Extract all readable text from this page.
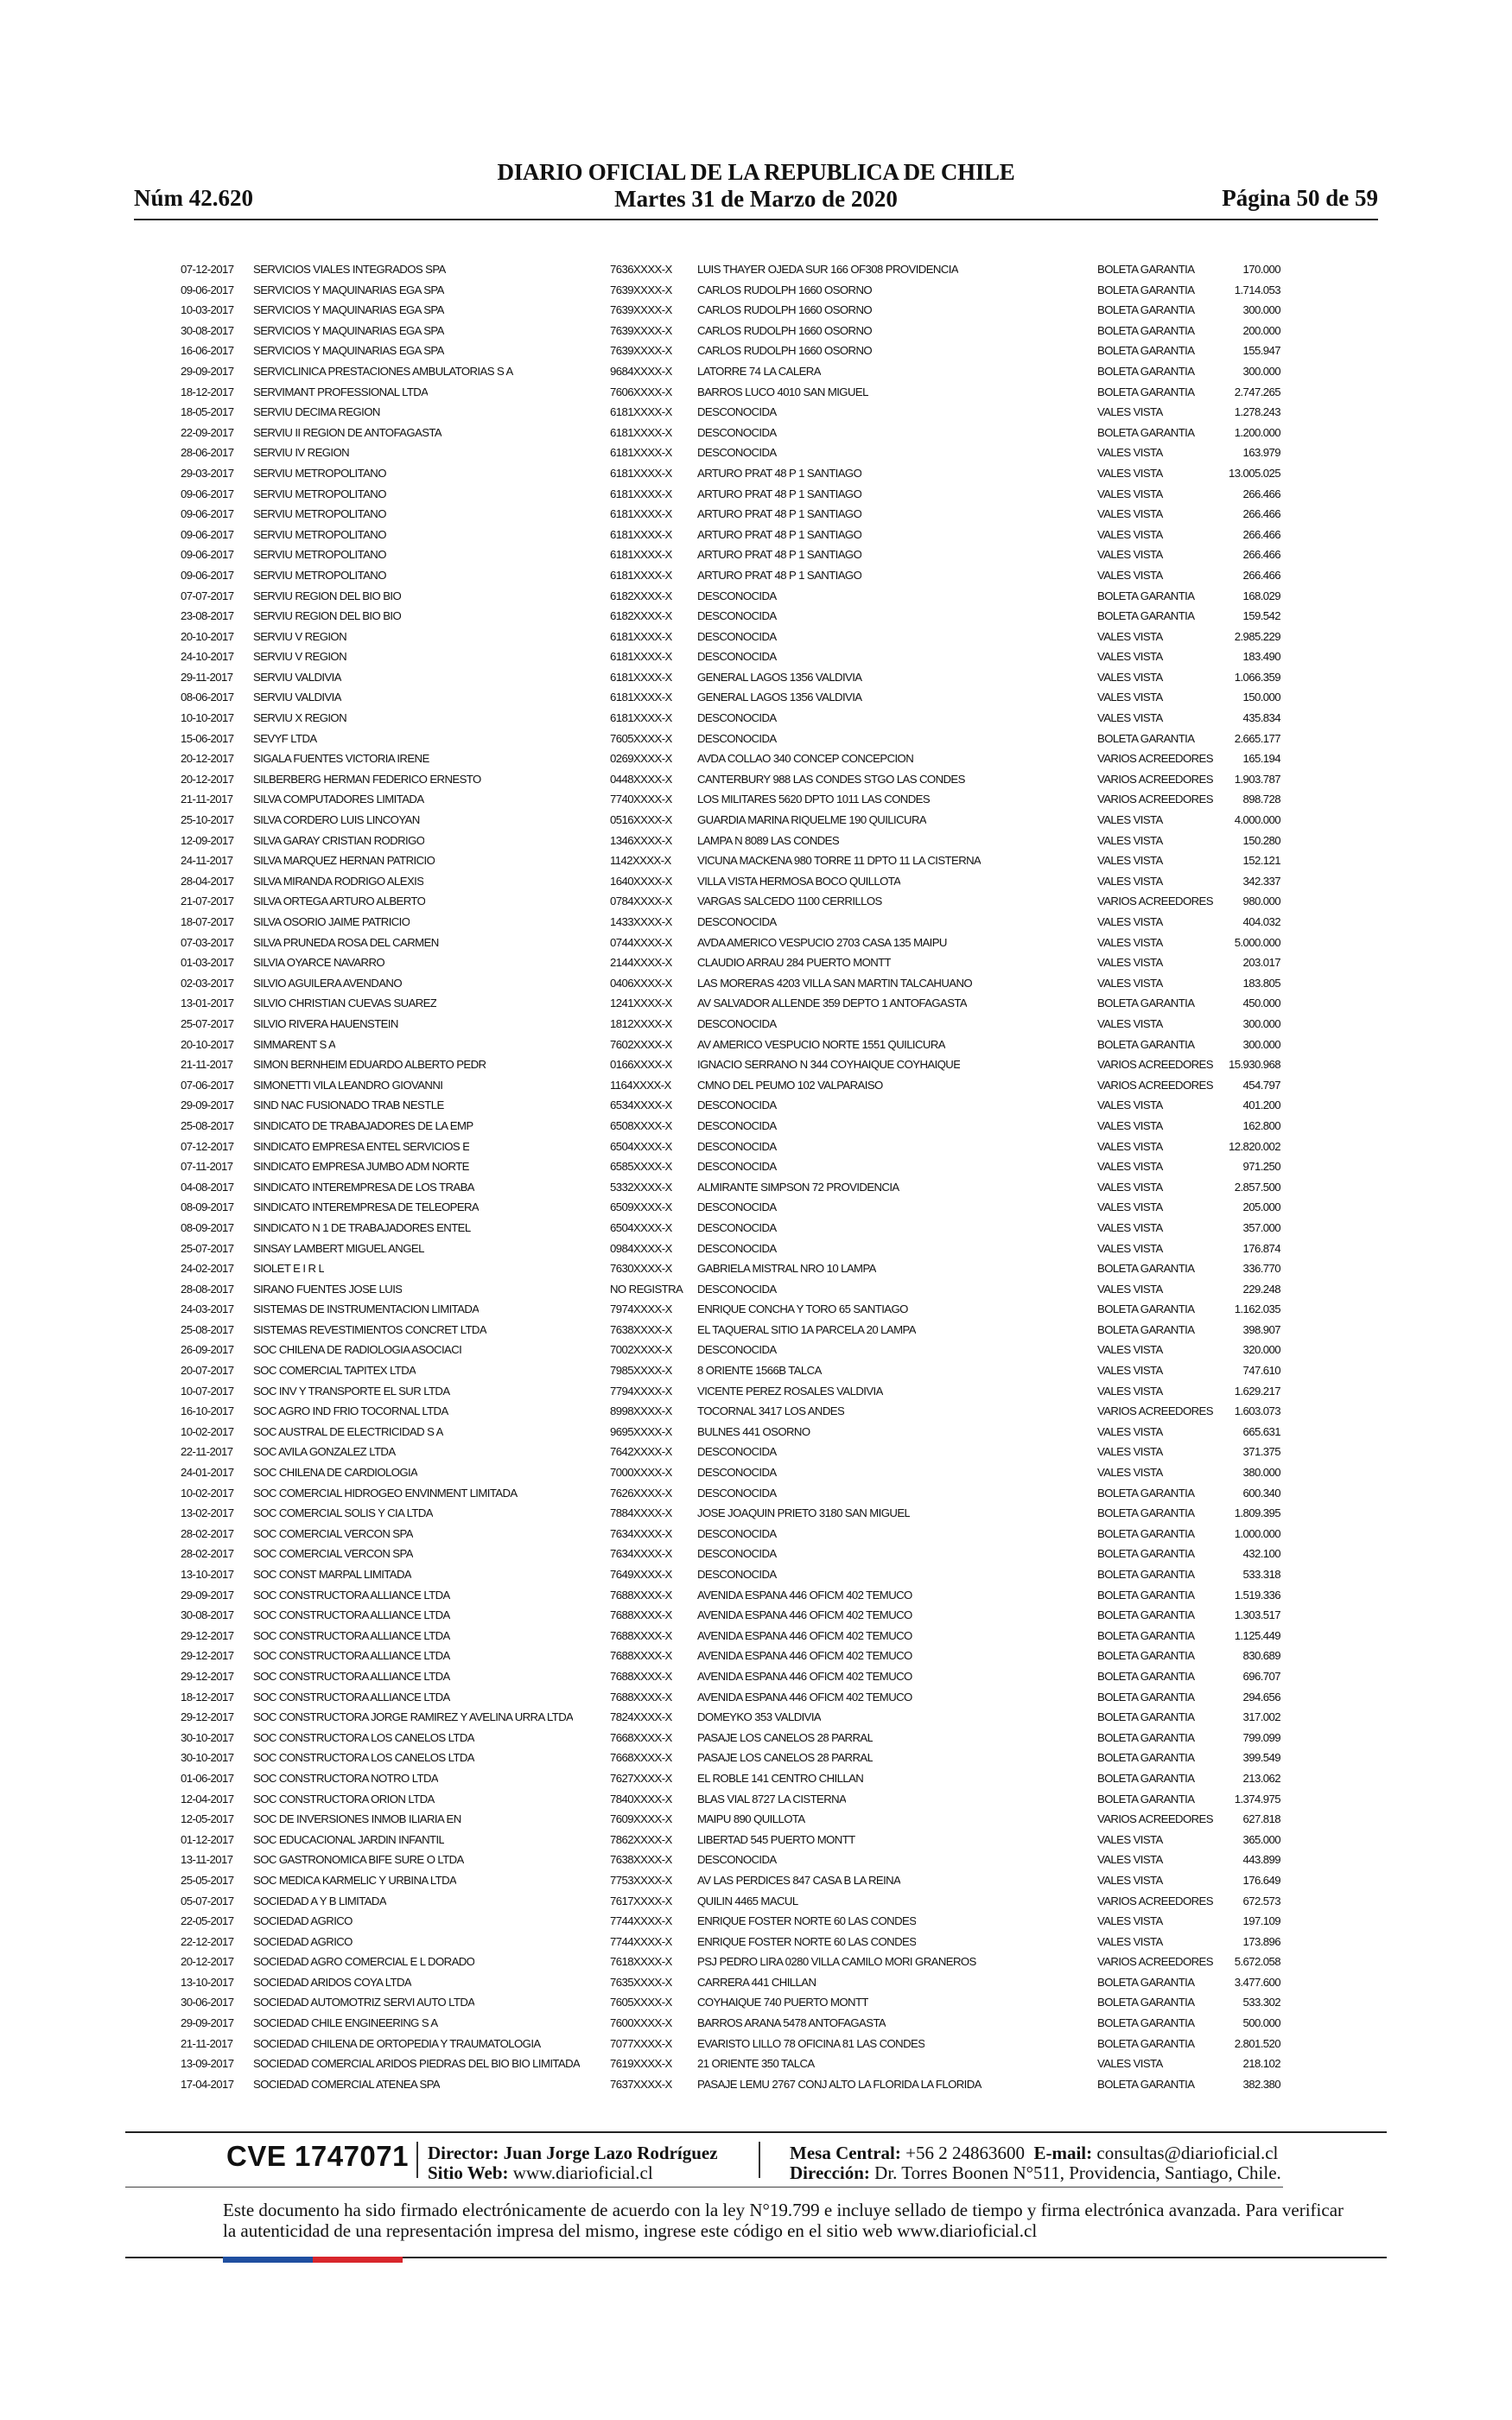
DIARIO OFICIAL DE LA REPUBLICA DE CHILE
Núm 42.620	Martes 31 de Marzo de 2020	Página 50 de 59
07-12-2017 SERVICIOS VIALES INTEGRADOS SPA	7636XXXX-X LUIS THAYER OJEDA SUR 166 OF308 PROVIDENCIA	BOLETA GARANTIA	170.000
09-06-2017 SERVICIOS Y MAQUINARIAS EGA SPA	7639XXXX-X CARLOS RUDOLPH 1660 OSORNO	BOLETA GARANTIA	1.714.053
10-03-2017 SERVICIOS Y MAQUINARIAS EGA SPA	7639XXXX-X CARLOS RUDOLPH 1660 OSORNO	BOLETA GARANTIA	300.000
30-08-2017 SERVICIOS Y MAQUINARIAS EGA SPA	7639XXXX-X CARLOS RUDOLPH 1660 OSORNO	BOLETA GARANTIA	200.000
16-06-2017 SERVICIOS Y MAQUINARIAS EGA SPA	7639XXXX-X CARLOS RUDOLPH 1660 OSORNO	BOLETA GARANTIA	155.947
29-09-2017 SERVICLINICA PRESTACIONES AMBULATORIAS S A	9684XXXX-X LATORRE 74 LA CALERA	BOLETA GARANTIA	300.000
18-12-2017 SERVIMANT PROFESSIONAL LTDA	7606XXXX-X BARROS LUCO 4010 SAN MIGUEL	BOLETA GARANTIA	2.747.265
18-05-2017 SERVIU DECIMA REGION	6181XXXX-X DESCONOCIDA	VALES VISTA	1.278.243
22-09-2017 SERVIU II REGION DE ANTOFAGASTA	6181XXXX-X DESCONOCIDA	BOLETA GARANTIA	1.200.000
28-06-2017 SERVIU IV REGION	6181XXXX-X DESCONOCIDA	VALES VISTA	163.979
29-03-2017 SERVIU METROPOLITANO	6181XXXX-X ARTURO PRAT 48 P 1 SANTIAGO	VALES VISTA	13.005.025
09-06-2017 SERVIU METROPOLITANO	6181XXXX-X ARTURO PRAT 48 P 1 SANTIAGO	VALES VISTA	266.466
09-06-2017 SERVIU METROPOLITANO	6181XXXX-X ARTURO PRAT 48 P 1 SANTIAGO	VALES VISTA	266.466
09-06-2017 SERVIU METROPOLITANO	6181XXXX-X ARTURO PRAT 48 P 1 SANTIAGO	VALES VISTA	266.466
09-06-2017 SERVIU METROPOLITANO	6181XXXX-X ARTURO PRAT 48 P 1 SANTIAGO	VALES VISTA	266.466
09-06-2017 SERVIU METROPOLITANO	6181XXXX-X ARTURO PRAT 48 P 1 SANTIAGO	VALES VISTA	266.466
07-07-2017 SERVIU REGION DEL BIO BIO	6182XXXX-X DESCONOCIDA	BOLETA GARANTIA	168.029
23-08-2017 SERVIU REGION DEL BIO BIO	6182XXXX-X DESCONOCIDA	BOLETA GARANTIA	159.542
20-10-2017 SERVIU V REGION	6181XXXX-X DESCONOCIDA	VALES VISTA	2.985.229
24-10-2017 SERVIU V REGION	6181XXXX-X DESCONOCIDA	VALES VISTA	183.490
29-11-2017 SERVIU VALDIVIA	6181XXXX-X GENERAL LAGOS 1356 VALDIVIA	VALES VISTA	1.066.359
08-06-2017 SERVIU VALDIVIA	6181XXXX-X GENERAL LAGOS 1356 VALDIVIA	VALES VISTA	150.000
10-10-2017 SERVIU X REGION	6181XXXX-X DESCONOCIDA	VALES VISTA	435.834
15-06-2017 SEVYF LTDA	7605XXXX-X DESCONOCIDA	BOLETA GARANTIA	2.665.177
20-12-2017 SIGALA FUENTES VICTORIA IRENE	0269XXXX-X AVDA COLLAO 340 CONCEP CONCEPCION	VARIOS ACREEDORES	165.194
20-12-2017 SILBERBERG HERMAN FEDERICO ERNESTO	0448XXXX-X CANTERBURY 988 LAS CONDES STGO LAS CONDES	VARIOS ACREEDORES 1.903.787
21-11-2017 SILVA COMPUTADORES LIMITADA	7740XXXX-X LOS MILITARES 5620 DPTO 1011 LAS CONDES	VARIOS ACREEDORES	898.728
25-10-2017 SILVA CORDERO LUIS LINCOYAN	0516XXXX-X GUARDIA MARINA RIQUELME 190 QUILICURA	VALES VISTA	4.000.000
12-09-2017 SILVA GARAY CRISTIAN RODRIGO	1346XXXX-X LAMPA N 8089 LAS CONDES	VALES VISTA	150.280
24-11-2017 SILVA MARQUEZ HERNAN PATRICIO	1142XXXX-X VICUNA MACKENA 980 TORRE 11 DPTO 11 LA CISTERNA	VALES VISTA	152.121
28-04-2017 SILVA MIRANDA RODRIGO ALEXIS	1640XXXX-X VILLA VISTA HERMOSA BOCO QUILLOTA	VALES VISTA	342.337
21-07-2017 SILVA ORTEGA ARTURO ALBERTO	0784XXXX-X VARGAS SALCEDO 1100 CERRILLOS	VARIOS ACREEDORES	980.000
18-07-2017 SILVA OSORIO JAIME PATRICIO	1433XXXX-X DESCONOCIDA	VALES VISTA	404.032
07-03-2017 SILVA PRUNEDA ROSA DEL CARMEN	0744XXXX-X AVDA AMERICO VESPUCIO 2703 CASA 135 MAIPU	VALES VISTA	5.000.000
01-03-2017 SILVIA OYARCE NAVARRO	2144XXXX-X CLAUDIO ARRAU 284 PUERTO MONTT	VALES VISTA	203.017
02-03-2017 SILVIO AGUILERA AVENDANO	0406XXXX-X LAS MORERAS 4203 VILLA SAN MARTIN TALCAHUANO	VALES VISTA	183.805
13-01-2017 SILVIO CHRISTIAN CUEVAS SUAREZ	1241XXXX-X AV SALVADOR ALLENDE 359 DEPTO 1 ANTOFAGASTA	BOLETA GARANTIA	450.000
25-07-2017 SILVIO RIVERA HAUENSTEIN	1812XXXX-X DESCONOCIDA	VALES VISTA	300.000
20-10-2017 SIMMARENT S A	7602XXXX-X AV AMERICO VESPUCIO NORTE 1551 QUILICURA	BOLETA GARANTIA	300.000
21-11-2017 SIMON BERNHEIM EDUARDO ALBERTO PEDR	0166XXXX-X IGNACIO SERRANO N 344 COYHAIQUE COYHAIQUE	VARIOS ACREEDORES 15.930.968
07-06-2017 SIMONETTI VILA LEANDRO GIOVANNI	1164XXXX-X CMNO DEL PEUMO 102 VALPARAISO	VARIOS ACREEDORES	454.797
29-09-2017 SIND NAC FUSIONADO TRAB NESTLE	6534XXXX-X DESCONOCIDA	VALES VISTA	401.200
25-08-2017 SINDICATO DE TRABAJADORES DE LA EMP	6508XXXX-X DESCONOCIDA	VALES VISTA	162.800
07-12-2017 SINDICATO EMPRESA ENTEL SERVICIOS E	6504XXXX-X DESCONOCIDA	VALES VISTA	12.820.002
07-11-2017 SINDICATO EMPRESA JUMBO ADM NORTE	6585XXXX-X DESCONOCIDA	VALES VISTA	971.250
04-08-2017 SINDICATO INTEREMPRESA DE LOS TRABA	5332XXXX-X ALMIRANTE SIMPSON 72 PROVIDENCIA	VALES VISTA	2.857.500
08-09-2017 SINDICATO INTEREMPRESA DE TELEOPERA	6509XXXX-X DESCONOCIDA	VALES VISTA	205.000
08-09-2017 SINDICATO N 1 DE TRABAJADORES ENTEL	6504XXXX-X DESCONOCIDA	VALES VISTA	357.000
25-07-2017 SINSAY LAMBERT MIGUEL ANGEL	0984XXXX-X DESCONOCIDA	VALES VISTA	176.874
24-02-2017 SIOLET E I R L	7630XXXX-X GABRIELA MISTRAL NRO 10 LAMPA	BOLETA GARANTIA	336.770
28-08-2017 SIRANO FUENTES JOSE LUIS	NO REGISTRA DESCONOCIDA	VALES VISTA	229.248
24-03-2017 SISTEMAS DE INSTRUMENTACION LIMITADA	7974XXXX-X ENRIQUE CONCHA Y TORO 65 SANTIAGO	BOLETA GARANTIA	1.162.035
25-08-2017 SISTEMAS REVESTIMIENTOS CONCRET LTDA	7638XXXX-X EL TAQUERAL SITIO 1A PARCELA 20 LAMPA	BOLETA GARANTIA	398.907
26-09-2017 SOC CHILENA DE RADIOLOGIA ASOCIACI	7002XXXX-X DESCONOCIDA	VALES VISTA	320.000
20-07-2017 SOC COMERCIAL TAPITEX LTDA	7985XXXX-X 8 ORIENTE 1566B TALCA	VALES VISTA	747.610
10-07-2017 SOC INV Y TRANSPORTE EL SUR LTDA	7794XXXX-X VICENTE PEREZ ROSALES VALDIVIA	VALES VISTA	1.629.217
16-10-2017 SOC AGRO IND FRIO TOCORNAL LTDA	8998XXXX-X TOCORNAL 3417 LOS ANDES	VARIOS ACREEDORES 1.603.073
10-02-2017 SOC AUSTRAL DE ELECTRICIDAD S A	9695XXXX-X BULNES 441 OSORNO	VALES VISTA	665.631
22-11-2017 SOC AVILA GONZALEZ LTDA	7642XXXX-X DESCONOCIDA	VALES VISTA	371.375
24-01-2017 SOC CHILENA DE CARDIOLOGIA	7000XXXX-X DESCONOCIDA	VALES VISTA	380.000
10-02-2017 SOC COMERCIAL HIDROGEO ENVINMENT LIMITADA	7626XXXX-X DESCONOCIDA	BOLETA GARANTIA	600.340
13-02-2017 SOC COMERCIAL SOLIS Y CIA LTDA	7884XXXX-X JOSE JOAQUIN PRIETO 3180 SAN MIGUEL	BOLETA GARANTIA	1.809.395
28-02-2017 SOC COMERCIAL VERCON SPA	7634XXXX-X DESCONOCIDA	BOLETA GARANTIA	1.000.000
28-02-2017 SOC COMERCIAL VERCON SPA	7634XXXX-X DESCONOCIDA	BOLETA GARANTIA	432.100
13-10-2017 SOC CONST MARPAL LIMITADA	7649XXXX-X DESCONOCIDA	BOLETA GARANTIA	533.318
29-09-2017 SOC CONSTRUCTORA ALLIANCE LTDA	7688XXXX-X AVENIDA ESPANA 446 OFICM 402 TEMUCO	BOLETA GARANTIA	1.519.336
30-08-2017 SOC CONSTRUCTORA ALLIANCE LTDA	7688XXXX-X AVENIDA ESPANA 446 OFICM 402 TEMUCO	BOLETA GARANTIA	1.303.517
29-12-2017 SOC CONSTRUCTORA ALLIANCE LTDA	7688XXXX-X AVENIDA ESPANA 446 OFICM 402 TEMUCO	BOLETA GARANTIA	1.125.449
29-12-2017 SOC CONSTRUCTORA ALLIANCE LTDA	7688XXXX-X AVENIDA ESPANA 446 OFICM 402 TEMUCO	BOLETA GARANTIA	830.689
29-12-2017 SOC CONSTRUCTORA ALLIANCE LTDA	7688XXXX-X AVENIDA ESPANA 446 OFICM 402 TEMUCO	BOLETA GARANTIA	696.707
18-12-2017 SOC CONSTRUCTORA ALLIANCE LTDA	7688XXXX-X AVENIDA ESPANA 446 OFICM 402 TEMUCO	BOLETA GARANTIA	294.656
29-12-2017 SOC CONSTRUCTORA JORGE RAMIREZ Y AVELINA URRA LTDA	7824XXXX-X DOMEYKO 353 VALDIVIA	BOLETA GARANTIA	317.002
30-10-2017 SOC CONSTRUCTORA LOS CANELOS LTDA	7668XXXX-X PASAJE LOS CANELOS 28 PARRAL	BOLETA GARANTIA	799.099
30-10-2017 SOC CONSTRUCTORA LOS CANELOS LTDA	7668XXXX-X PASAJE LOS CANELOS 28 PARRAL	BOLETA GARANTIA	399.549
01-06-2017 SOC CONSTRUCTORA NOTRO LTDA	7627XXXX-X EL ROBLE 141 CENTRO CHILLAN	BOLETA GARANTIA	213.062
12-04-2017 SOC CONSTRUCTORA ORION LTDA	7840XXXX-X BLAS VIAL 8727 LA CISTERNA	BOLETA GARANTIA	1.374.975
12-05-2017 SOC DE INVERSIONES INMOB ILIARIA EN	7609XXXX-X MAIPU 890 QUILLOTA	VARIOS ACREEDORES	627.818
01-12-2017 SOC EDUCACIONAL JARDIN INFANTIL	7862XXXX-X LIBERTAD 545 PUERTO MONTT	VALES VISTA	365.000
13-11-2017 SOC GASTRONOMICA BIFE SURE O LTDA	7638XXXX-X DESCONOCIDA	VALES VISTA	443.899
25-05-2017 SOC MEDICA KARMELIC Y URBINA LTDA	7753XXXX-X AV LAS PERDICES 847 CASA B LA REINA	VALES VISTA	176.649
05-07-2017 SOCIEDAD A Y B LIMITADA	7617XXXX-X QUILIN 4465 MACUL	VARIOS ACREEDORES	672.573
22-05-2017 SOCIEDAD AGRICO	7744XXXX-X ENRIQUE FOSTER NORTE 60 LAS CONDES	VALES VISTA	197.109
22-12-2017 SOCIEDAD AGRICO	7744XXXX-X ENRIQUE FOSTER NORTE 60 LAS CONDES	VALES VISTA	173.896
20-12-2017 SOCIEDAD AGRO COMERCIAL E L DORADO	7618XXXX-X PSJ PEDRO LIRA 0280 VILLA CAMILO MORI GRANEROS	VARIOS ACREEDORES 5.672.058
13-10-2017 SOCIEDAD ARIDOS COYA LTDA	7635XXXX-X CARRERA 441 CHILLAN	BOLETA GARANTIA	3.477.600
30-06-2017 SOCIEDAD AUTOMOTRIZ SERVI AUTO LTDA	7605XXXX-X COYHAIQUE 740 PUERTO MONTT	BOLETA GARANTIA	533.302
29-09-2017 SOCIEDAD CHILE ENGINEERING S A	7600XXXX-X BARROS ARANA 5478 ANTOFAGASTA	BOLETA GARANTIA	500.000
21-11-2017 SOCIEDAD CHILENA DE ORTOPEDIA Y TRAUMATOLOGIA	7077XXXX-X EVARISTO LILLO 78 OFICINA 81 LAS CONDES	BOLETA GARANTIA	2.801.520
13-09-2017 SOCIEDAD COMERCIAL ARIDOS PIEDRAS DEL BIO BIO LIMITADA	7619XXXX-X 21 ORIENTE 350 TALCA	VALES VISTA	218.102
17-04-2017 SOCIEDAD COMERCIAL ATENEA SPA	7637XXXX-X PASAJE LEMU 2767 CONJ ALTO LA FLORIDA LA FLORIDA	BOLETA GARANTIA	382.380
CVE 1747071 Director: Juan Jorge Lazo Rodríguez
Sitio Web: www.diarioficial.cl
Mesa Central: +56 2 24863600 E-mail: consultas@diarioficial.cl
Dirección: Dr. Torres Boonen N°511, Providencia, Santiago, Chile.
Este documento ha sido firmado electrónicamente de acuerdo con la ley N°19.799 e incluye sellado de tiempo y firma electrónica avanzada. Para verificar la autenticidad de una representación impresa del mismo, ingrese este código en el sitio web www.diarioficial.cl
